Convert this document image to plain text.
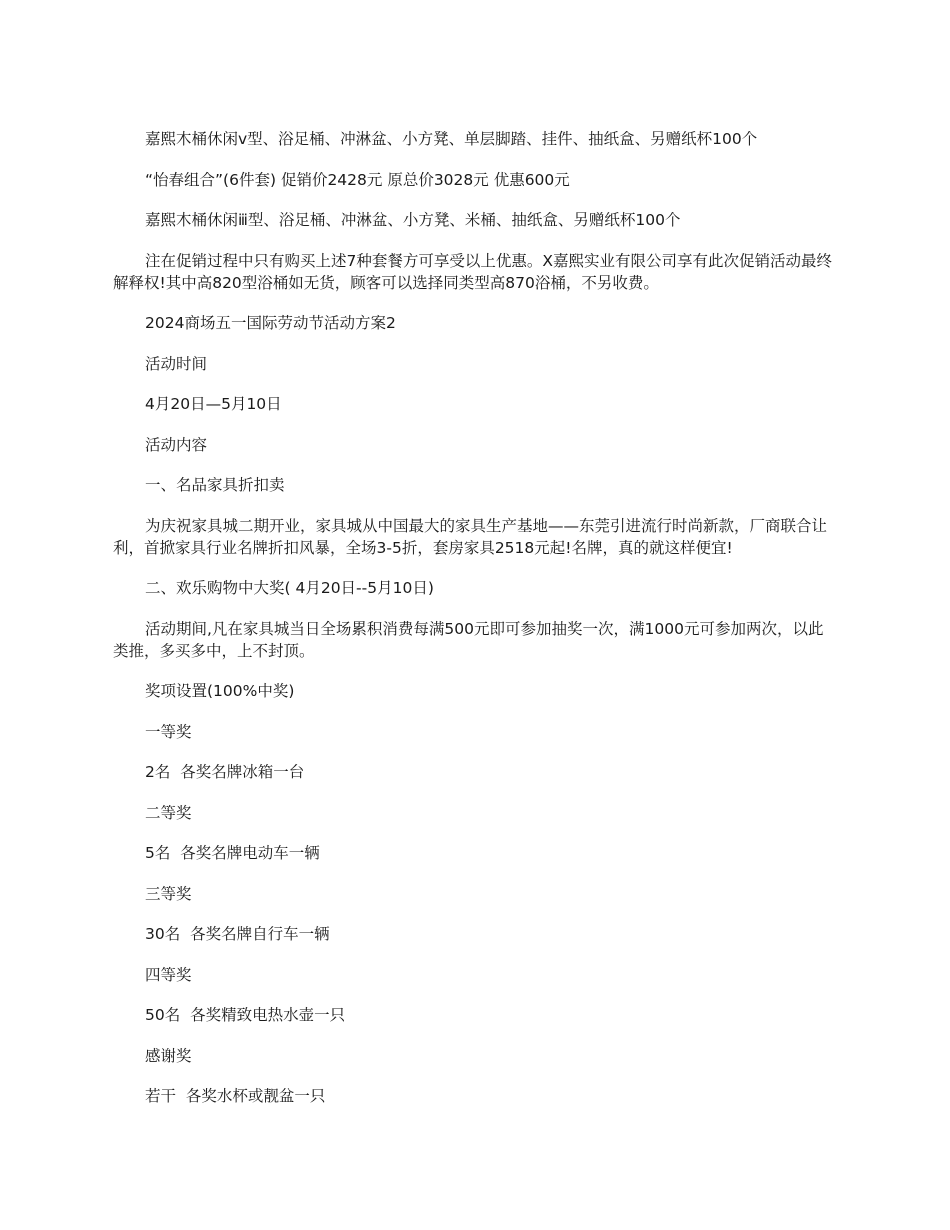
嘉熙木桶休闲ⅴ型、浴足桶、冲淋盆、小方凳、单层脚踏、挂件、抽纸盒、另赠纸杯100个

“怡春组合”(6件套) 促销价2428元 原总价3028元 优惠600元

嘉熙木桶休闲ⅲ型、浴足桶、冲淋盆、小方凳、米桶、抽纸盒、另赠纸杯100个

注在促销过程中只有购买上述7种套餐方可享受以上优惠。X嘉熙实业有限公司享有此次促销活动最终解释权!其中高820型浴桶如无货，顾客可以选择同类型高870浴桶，不另收费。

2024商场五一国际劳动节活动方案2

活动时间

4月20日—5月10日

活动内容

一、名品家具折扣卖

为庆祝家具城二期开业，家具城从中国最大的家具生产基地——东莞引进流行时尚新款，厂商联合让利，首掀家具行业名牌折扣风暴，全场3-5折，套房家具2518元起!名牌，真的就这样便宜!

二、欢乐购物中大奖( 4月20日--5月10日)

活动期间,凡在家具城当日全场累积消费每满500元即可参加抽奖一次，满1000元可参加两次，以此类推，多买多中，上不封顶。

奖项设置(100%中奖)

一等奖

2名  各奖名牌冰箱一台

二等奖

5名  各奖名牌电动车一辆

三等奖

30名  各奖名牌自行车一辆

四等奖

50名  各奖精致电热水壶一只

感谢奖

若干  各奖水杯或靓盆一只
